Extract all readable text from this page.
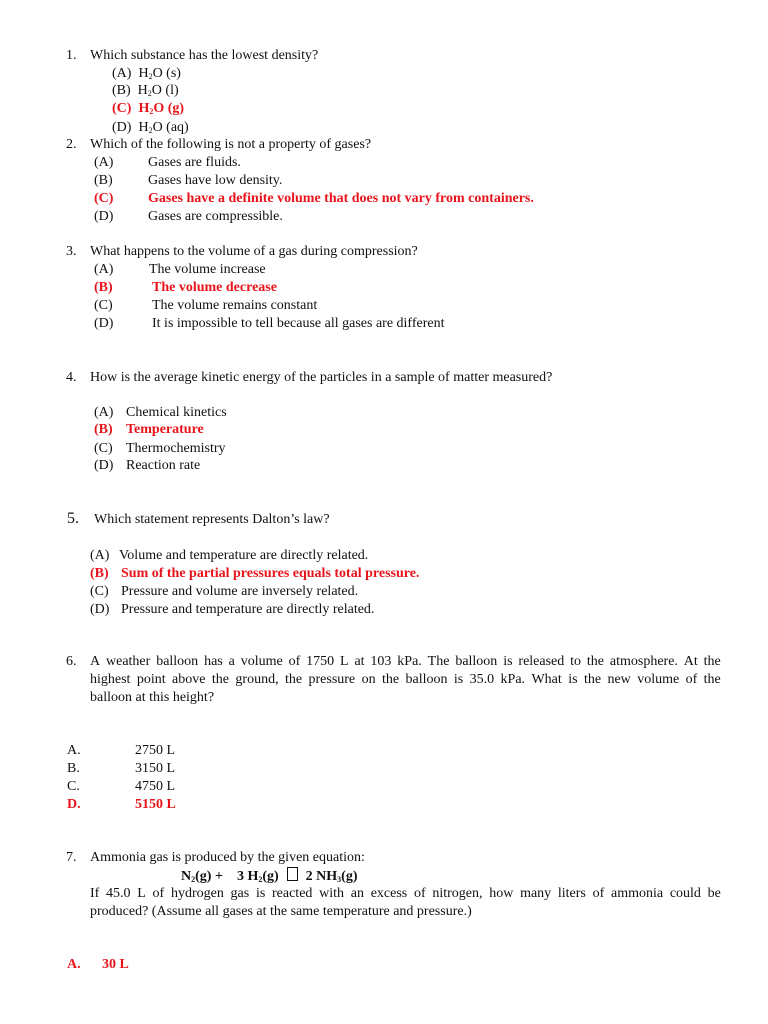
1. Which substance has the lowest density?
(A) $H_2O$ (s)
(B) $H_2O$ (l)
(C) $H_2O$ (g)
(D) $H_2O$ (aq)
2. Which of the following is not a property of gases?
(A) Gases are fluids.
(B)	Gases have low density.
(C) Gases have a definite volume that does not vary from containers.
(D) Gases are compressible.
3. What happens to the volume of a gas during compression?
(A)	The volume increase
(B)	The volume decrease
(C)	The volume remains constant
(D)	It is impossible to tell because all gases are different
4. How is the average kinetic energy of the particles in a sample of matter measured?
(A) Chemical kinetics
(B) Temperature
(C) Thermochemistry
(D) Reaction rate
5. Which statement represents Dalton’s law?
(A) Volume and temperature are directly related.
(B) Sum of the partial pressures equals total pressure.
(C) Pressure and volume are inversely related.
(D) Pressure and temperature are directly related.
6. A weather balloon has a volume of 1750 L at 103 kPa. The balloon is released to the atmosphere. At the
highest point above the ground, the pressure on the balloon is 35.0 kPa. What is the new volume of the
balloon at this height?
A.	2750 L
B.	3150 L
C.	4750 L
D.	5150 L
7. Ammonia gas is produced by the given equation:
$N_2(g) + 3$ $H_2(g)$ 2 $NH_3(g)$
If 45.0 L of hydrogen gas is reacted with an excess of nitrogen, how many liters of ammonia could be
produced? (Assume all gases at the same temperature and pressure.)
A. 30 L
